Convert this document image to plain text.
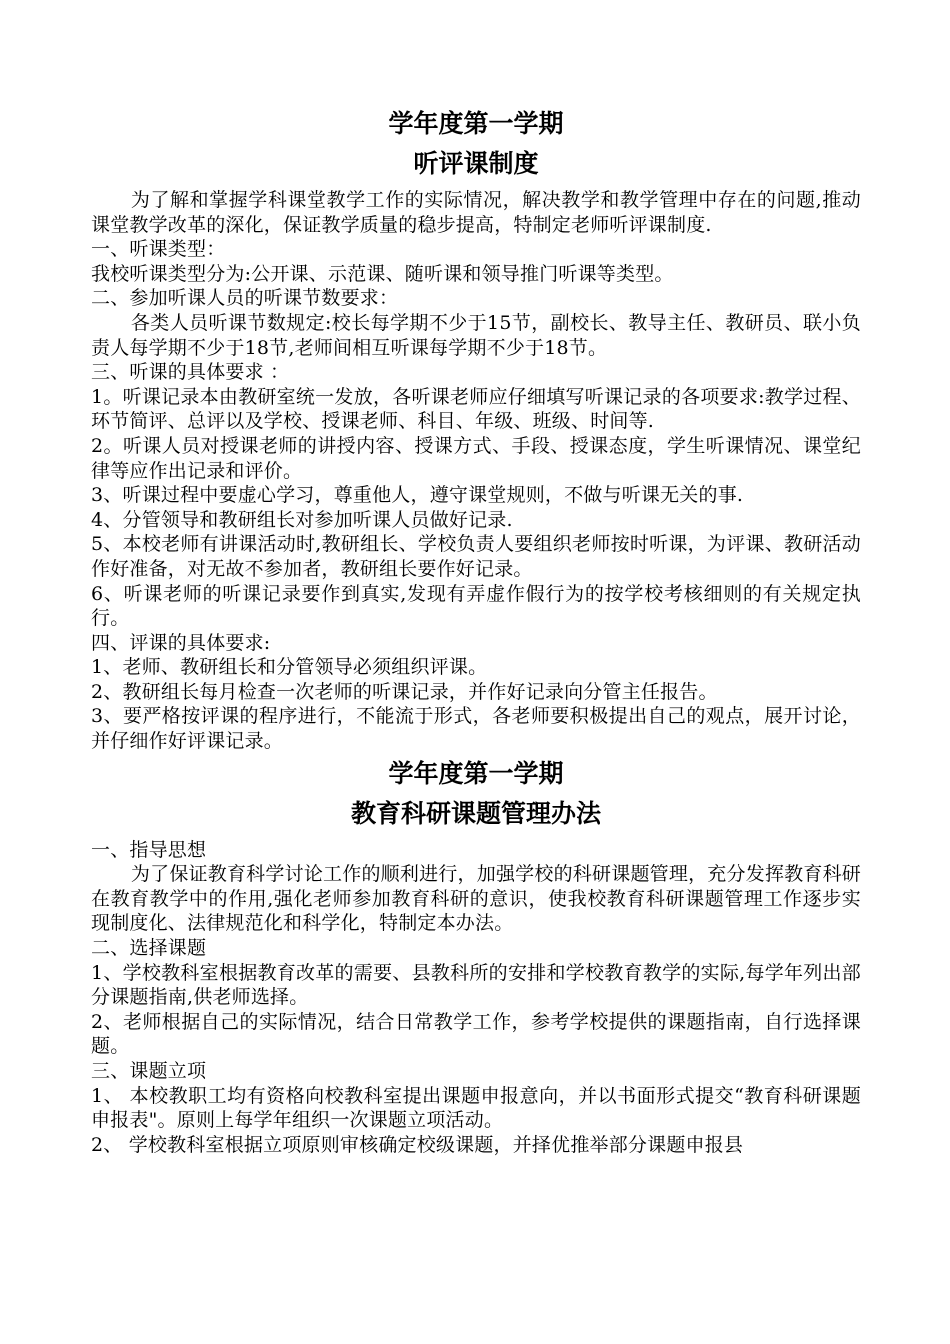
学年度第一学期
听评课制度

为了解和掌握学科课堂教学工作的实际情况，解决教学和教学管理中存在的问题,推动课堂教学改革的深化，保证教学质量的稳步提高，特制定老师听评课制度.

一、听课类型：

我校听课类型分为:公开课、示范课、随听课和领导推门听课等类型。

二、参加听课人员的听课节数要求：

各类人员听课节数规定:校长每学期不少于15节，副校长、教导主任、教研员、联小负责人每学期不少于18节,老师间相互听课每学期不少于18节。

三、听课的具体要求 ：

1。听课记录本由教研室统一发放，各听课老师应仔细填写听课记录的各项要求:教学过程、环节简评、总评以及学校、授课老师、科目、年级、班级、时间等.

2。听课人员对授课老师的讲授内容、授课方式、手段、授课态度，学生听课情况、课堂纪律等应作出记录和评价。

3、听课过程中要虚心学习，尊重他人，遵守课堂规则，不做与听课无关的事.

4、分管领导和教研组长对参加听课人员做好记录.

5、本校老师有讲课活动时,教研组长、学校负责人要组织老师按时听课，为评课、教研活动作好准备，对无故不参加者，教研组长要作好记录。

6、听课老师的听课记录要作到真实,发现有弄虚作假行为的按学校考核细则的有关规定执行。

四、评课的具体要求:

1、老师、教研组长和分管领导必须组织评课。

2、教研组长每月检查一次老师的听课记录，并作好记录向分管主任报告。

3、要严格按评课的程序进行，不能流于形式，各老师要积极提出自己的观点，展开讨论，并仔细作好评课记录。

学年度第一学期
教育科研课题管理办法

一、指导思想

为了保证教育科学讨论工作的顺利进行，加强学校的科研课题管理，充分发挥教育科研在教育教学中的作用,强化老师参加教育科研的意识，使我校教育科研课题管理工作逐步实现制度化、法律规范化和科学化，特制定本办法。

二、选择课题

1、学校教科室根据教育改革的需要、县教科所的安排和学校教育教学的实际,每学年列出部分课题指南,供老师选择。

2、老师根据自己的实际情况，结合日常教学工作，参考学校提供的课题指南，自行选择课题。

三、课题立项

1、 本校教职工均有资格向校教科室提出课题申报意向，并以书面形式提交“教育科研课题申报表"。原则上每学年组织一次课题立项活动。

2、 学校教科室根据立项原则审核确定校级课题，并择优推举部分课题申报县
